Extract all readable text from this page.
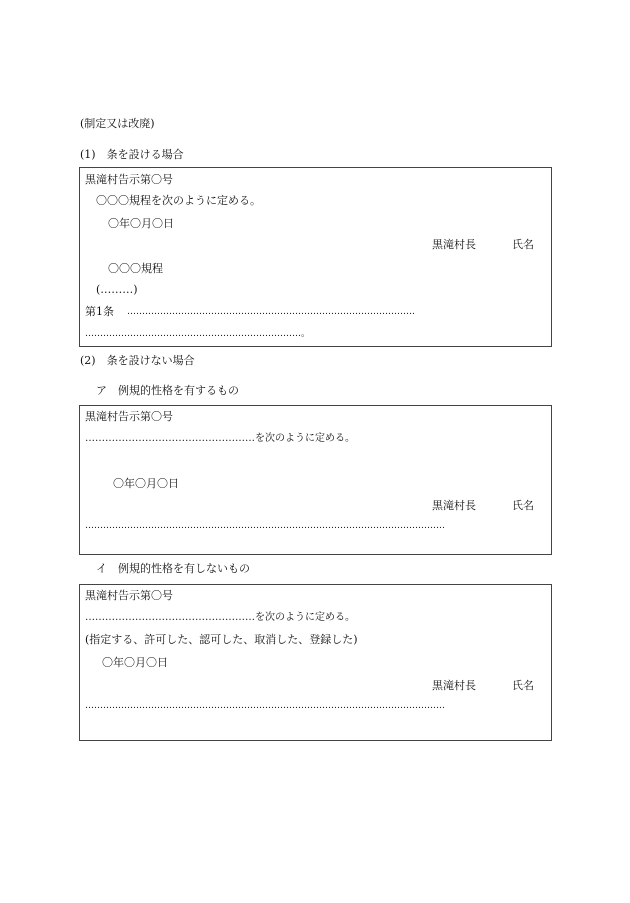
(制定又は改廃)
(1)　条を設ける場合
黒滝村告示第〇号
〇〇〇規程を次のように定める。
〇年〇月〇日
黒滝村長	氏名
〇〇〇規程
(………)
第1条 ……………………………………………………………………………………
………………………………………………………………。
(2)　条を設けない場合
ア　例規的性格を有するもの
黒滝村告示第〇号
……………………………………………を次のように定める。
〇年〇月〇日
黒滝村長	氏名
…………………………………………………………………………………………………………
イ　例規的性格を有しないもの
黒滝村告示第〇号
……………………………………………を次のように定める。
(指定する、許可した、認可した、取消した、登録した)
〇年〇月〇日
黒滝村長	氏名
…………………………………………………………………………………………………………
